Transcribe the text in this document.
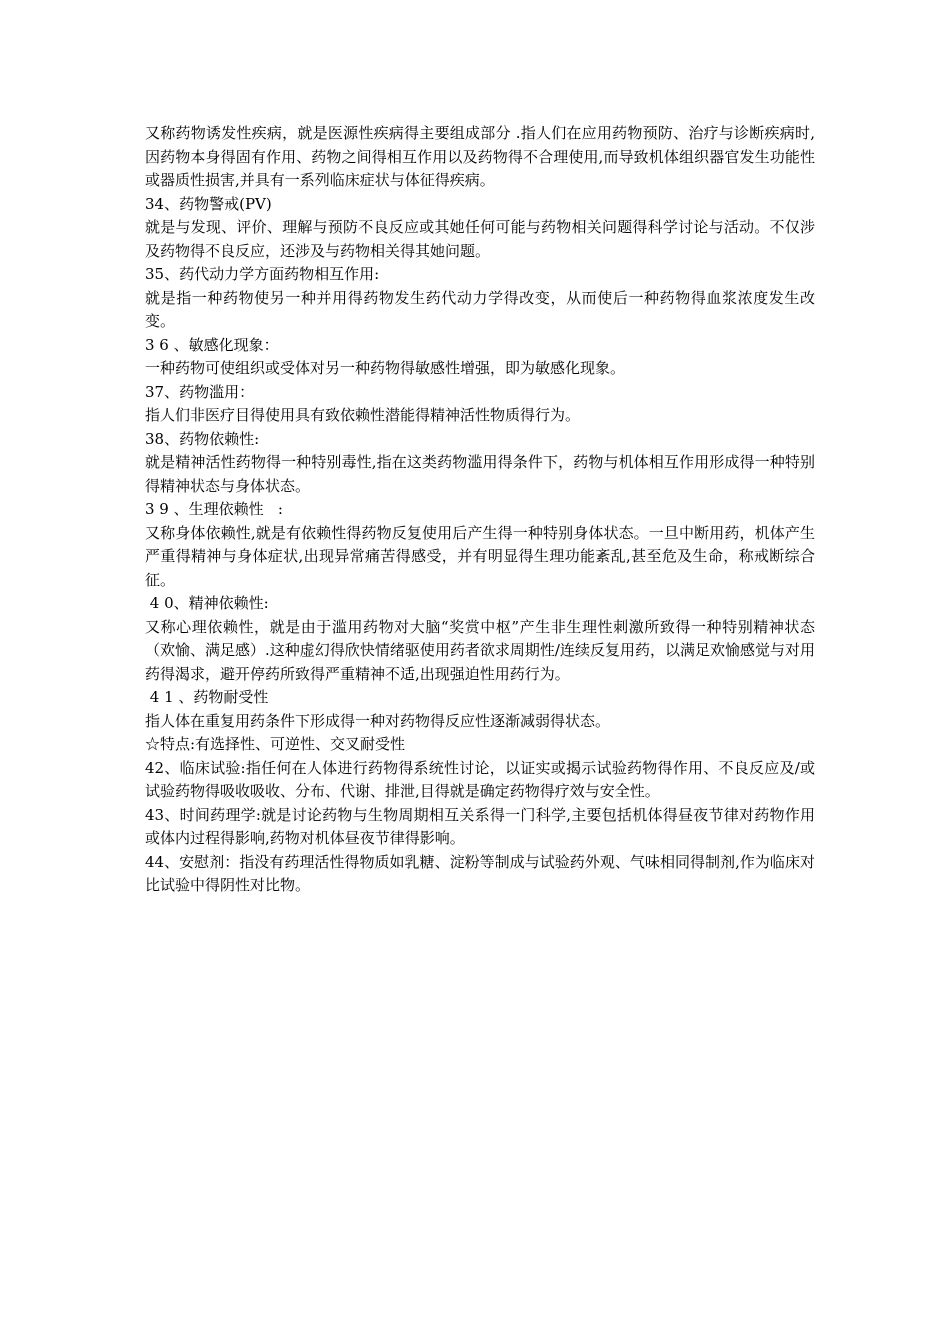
又称药物诱发性疾病，就是医源性疾病得主要组成部分 .指人们在应用药物预防、治疗与诊断疾病时,因药物本身得固有作用、药物之间得相互作用以及药物得不合理使用,而导致机体组织器官发生功能性或器质性损害,并具有一系列临床症状与体征得疾病。

34、药物警戒(PV)

就是与发现、评价、理解与预防不良反应或其她任何可能与药物相关问题得科学讨论与活动。不仅涉及药物得不良反应，还涉及与药物相关得其她问题。

35、药代动力学方面药物相互作用:

就是指一种药物使另一种并用得药物发生药代动力学得改变，从而使后一种药物得血浆浓度发生改变。

3 6 、敏感化现象：

一种药物可使组织或受体对另一种药物得敏感性增强，即为敏感化现象。

37、药物滥用：

指人们非医疗目得使用具有致依赖性潜能得精神活性物质得行为。

38、药物依赖性:

就是精神活性药物得一种特别毒性,指在这类药物滥用得条件下，药物与机体相互作用形成得一种特别得精神状态与身体状态。

3 9 、生理依赖性   :

又称身体依赖性,就是有依赖性得药物反复使用后产生得一种特别身体状态。一旦中断用药，机体产生严重得精神与身体症状,出现异常痛苦得感受，并有明显得生理功能紊乱,甚至危及生命，称戒断综合征。

4 0、精神依赖性:

又称心理依赖性，就是由于滥用药物对大脑“奖赏中枢”产生非生理性刺激所致得一种特别精神状态（欢愉、满足感）.这种虚幻得欣快情绪驱使用药者欲求周期性/连续反复用药，以满足欢愉感觉与对用药得渴求，避开停药所致得严重精神不适,出现强迫性用药行为。

4 1 、药物耐受性

指人体在重复用药条件下形成得一种对药物得反应性逐渐减弱得状态。

☆特点:有选择性、可逆性、交叉耐受性

42、临床试验:指任何在人体进行药物得系统性讨论，以证实或揭示试验药物得作用、不良反应及/或试验药物得吸收吸收、分布、代谢、排泄,目得就是确定药物得疗效与安全性。

43、时间药理学:就是讨论药物与生物周期相互关系得一门科学,主要包括机体得昼夜节律对药物作用或体内过程得影响,药物对机体昼夜节律得影响。

44、安慰剂：指没有药理活性得物质如乳糖、淀粉等制成与试验药外观、气味相同得制剂,作为临床对比试验中得阴性对比物。
